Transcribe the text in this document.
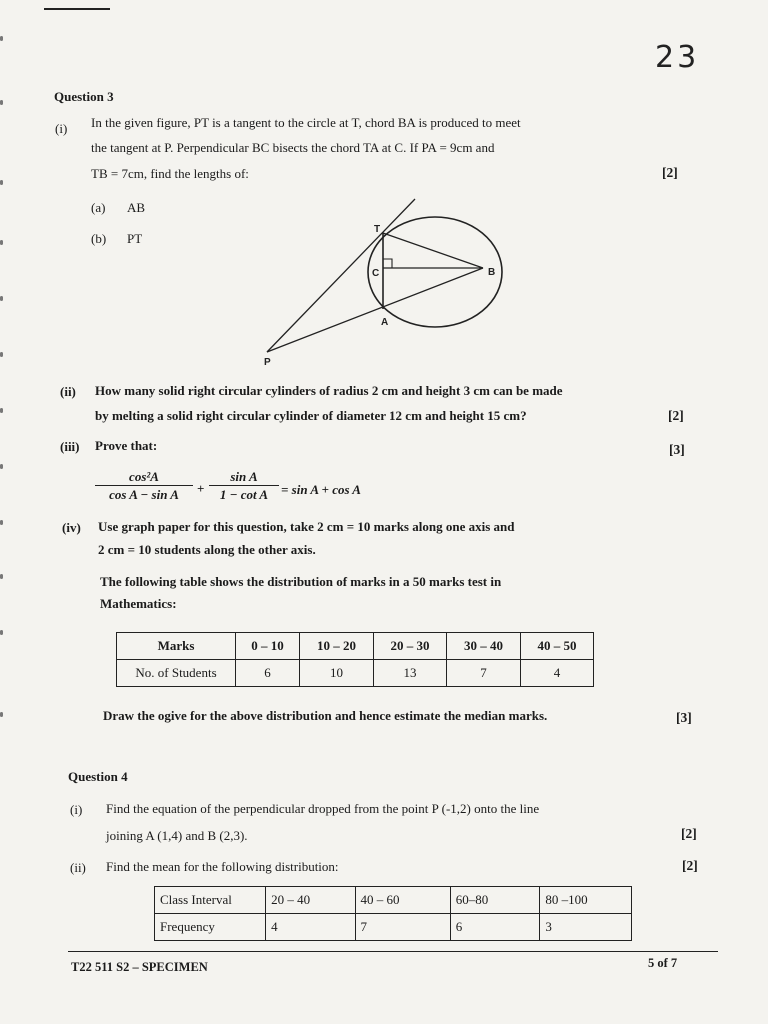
23
Question 3
(i) In the given figure, PT is a tangent to the circle at T, chord BA is produced to meet
the tangent at P. Perpendicular BC bisects the chord TA at C. If PA = 9cm and
TB = 7cm, find the lengths of:	[2]
(a) AB
(b) PT
T
C	B
A
P
(ii) How many solid right circular cylinders of radius 2 cm and height 3 cm can be made
by melting a solid right circular cylinder of diameter 12 cm and height 15 cm?	[2]
(iii) Prove that:	[3]
$\frac{\text{cos²A}}{\text{cos A − sin A}} + \frac{\text{sin A}}{\text{1 − cot A}} = \sin A + \cos A$
(iv) Use graph paper for this question, take 2 cm = 10 marks along one axis and
2 cm = 10 students along the other axis.
The following table shows the distribution of marks in a 50 marks test in
Mathematics:
Marks	0 – 10	10 – 20	20 – 30	30 – 40	40 – 50
No. of Students	6	10	13	7	4
Draw the ogive for the above distribution and hence estimate the median marks.	[3]
Question 4
(i) Find the equation of the perpendicular dropped from the point P (-1,2) onto the line
joining A (1,4) and B (2,3).	[2]
(ii) Find the mean for the following distribution:	[2]
Class Interval	20 – 40	40 – 60	60–80	80 –100
Frequency	4	7	6	3
T22 511 S2 – SPECIMEN	5 of 7
